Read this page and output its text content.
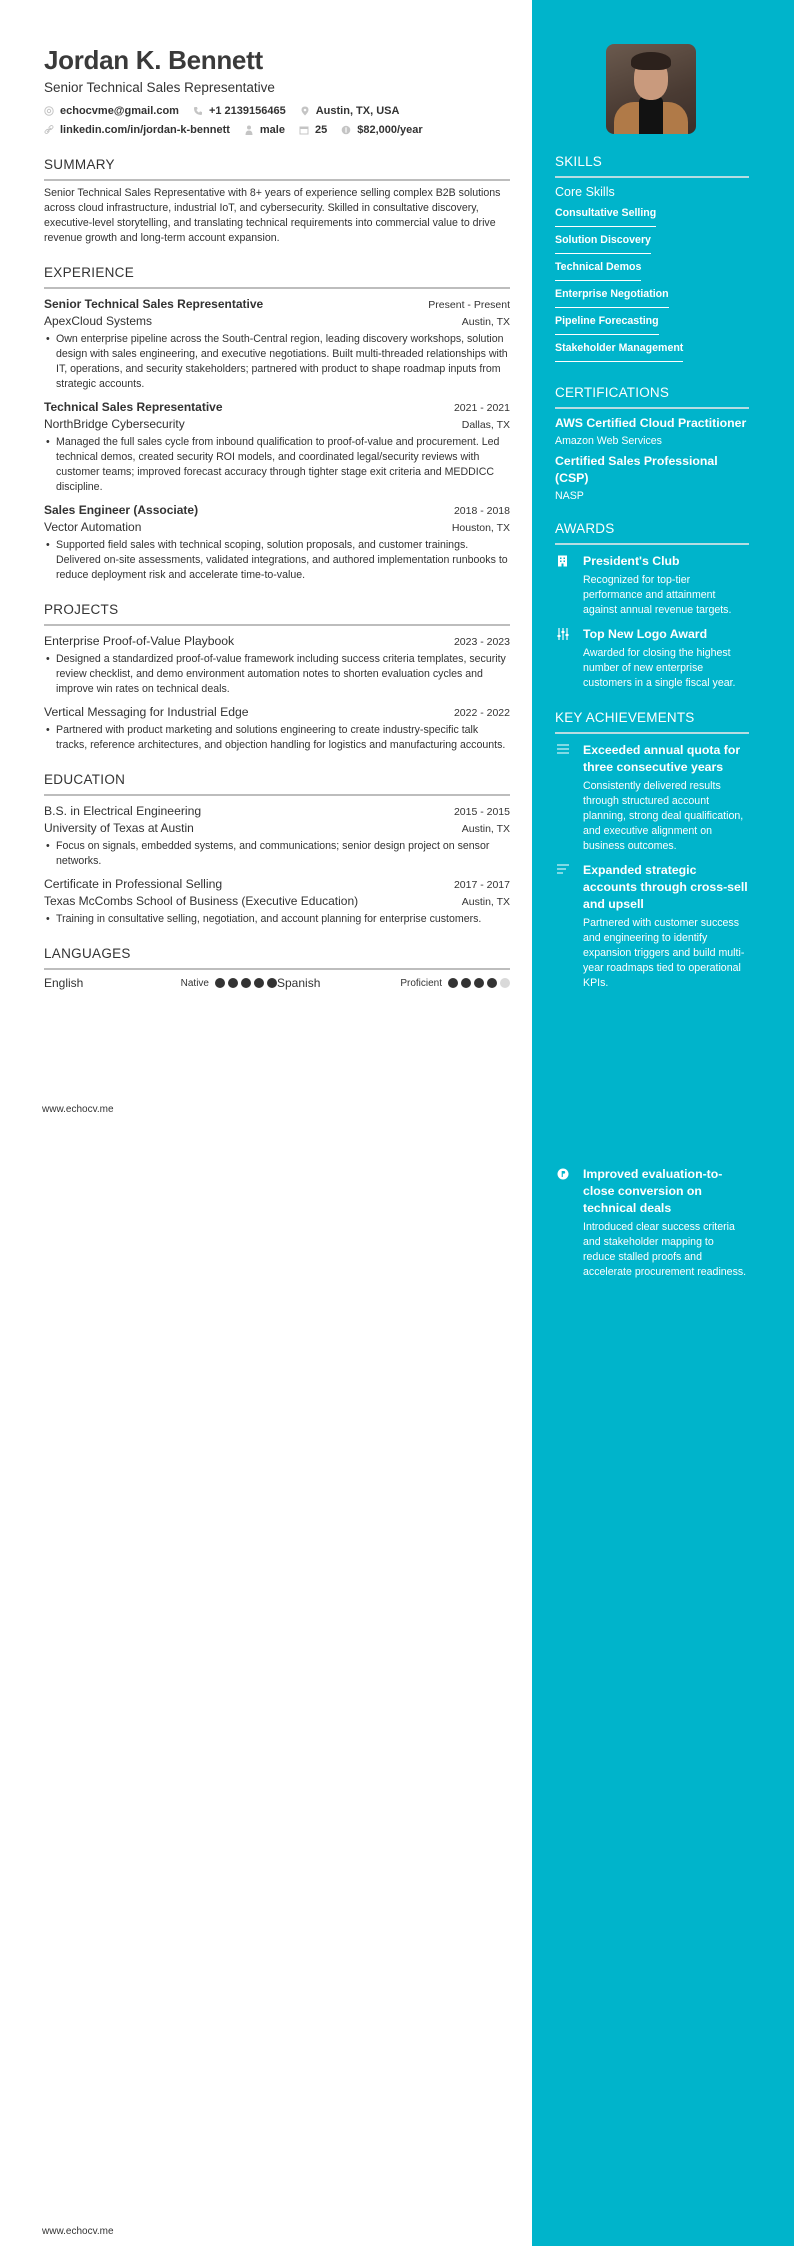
Jordan K. Bennett
Senior Technical Sales Representative
echocvme@gmail.com	+1 2139156465	Austin, TX, USA
linkedin.com/in/jordan-k-bennett	male	25	$82,000/year
SUMMARY
Senior Technical Sales Representative with 8+ years of experience selling complex B2B solutions across cloud infrastructure, industrial IoT, and cybersecurity. Skilled in consultative discovery, executive-level storytelling, and translating technical requirements into commercial value to drive revenue growth and long-term account expansion.
EXPERIENCE
Senior Technical Sales Representative	Present - Present
ApexCloud Systems	Austin, TX
• Own enterprise pipeline across the South-Central region, leading discovery workshops, solution design with sales engineering, and executive negotiations. Built multi-threaded relationships with IT, operations, and security stakeholders; partnered with product to shape roadmap inputs from strategic accounts.
Technical Sales Representative	2021 - 2021
NorthBridge Cybersecurity	Dallas, TX
• Managed the full sales cycle from inbound qualification to proof-of-value and procurement. Led technical demos, created security ROI models, and coordinated legal/security reviews with customer teams; improved forecast accuracy through tighter stage exit criteria and MEDDICC discipline.
Sales Engineer (Associate)	2018 - 2018
Vector Automation	Houston, TX
• Supported field sales with technical scoping, solution proposals, and customer trainings. Delivered on-site assessments, validated integrations, and authored implementation runbooks to reduce deployment risk and accelerate time-to-value.
PROJECTS
Enterprise Proof-of-Value Playbook	2023 - 2023
• Designed a standardized proof-of-value framework including success criteria templates, security review checklist, and demo environment automation notes to shorten evaluation cycles and improve win rates on technical deals.
Vertical Messaging for Industrial Edge	2022 - 2022
• Partnered with product marketing and solutions engineering to create industry-specific talk tracks, reference architectures, and objection handling for logistics and manufacturing accounts.
EDUCATION
B.S. in Electrical Engineering	2015 - 2015
University of Texas at Austin	Austin, TX
• Focus on signals, embedded systems, and communications; senior design project on sensor networks.
Certificate in Professional Selling	2017 - 2017
Texas McCombs School of Business (Executive Education)	Austin, TX
• Training in consultative selling, negotiation, and account planning for enterprise customers.
LANGUAGES
English	Native	Spanish	Proficient
www.echocv.me
www.echocv.me
SKILLS
Core Skills
Consultative Selling
Solution Discovery
Technical Demos
Enterprise Negotiation
Pipeline Forecasting
Stakeholder Management
CERTIFICATIONS
AWS Certified Cloud Practitioner
Amazon Web Services
Certified Sales Professional (CSP)
NASP
AWARDS
President's Club
Recognized for top-tier performance and attainment against annual revenue targets.
Top New Logo Award
Awarded for closing the highest number of new enterprise customers in a single fiscal year.
KEY ACHIEVEMENTS
Exceeded annual quota for three consecutive years
Consistently delivered results through structured account planning, strong deal qualification, and executive alignment on business outcomes.
Expanded strategic accounts through cross-sell and upsell
Partnered with customer success and engineering to identify expansion triggers and build multi-year roadmaps tied to operational KPIs.
Improved evaluation-to-close conversion on technical deals
Introduced clear success criteria and stakeholder mapping to reduce stalled proofs and accelerate procurement readiness.
